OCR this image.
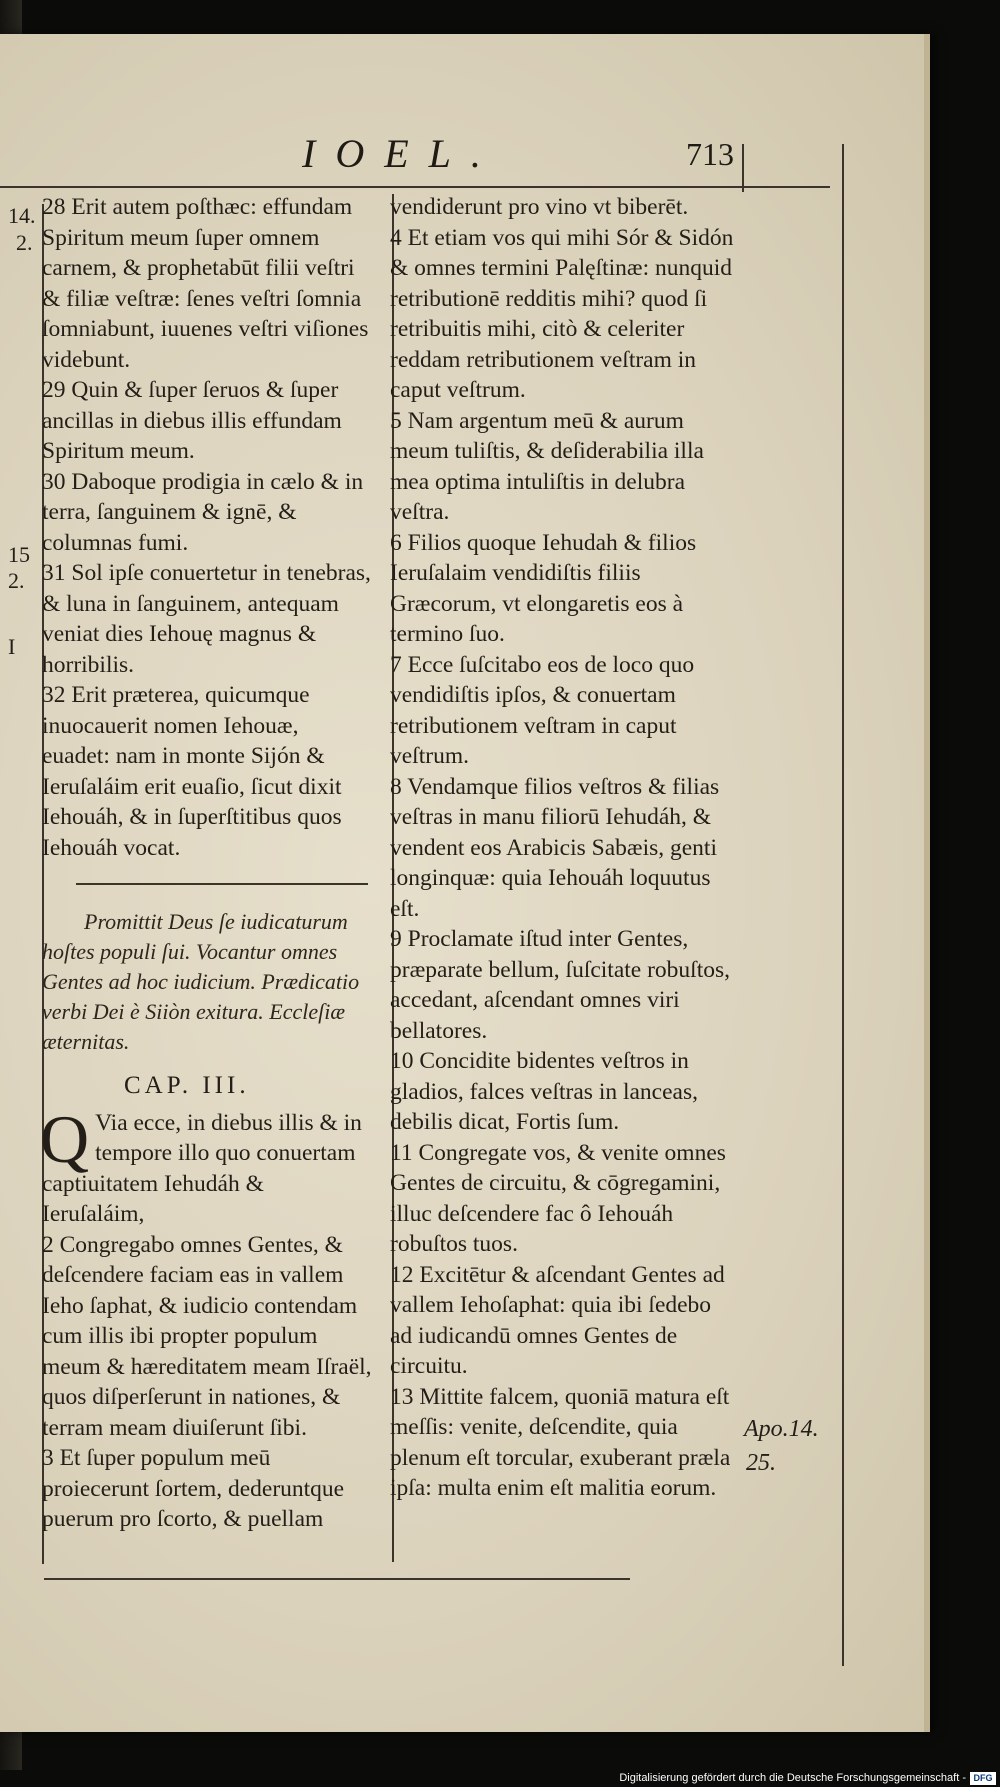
IOEL.	713
14.
2.
15
2.
I
Apo.14.
25.

28 Erit autem poſthæc: effundam Spiritum meum ſuper omnem carnem, & prophetabūt filii veſtri & filiæ veſtræ: ſenes veſtri ſomnia ſomniabunt, iuuenes veſtri viſiones videbunt.

29 Quin & ſuper ſeruos & ſuper ancillas in diebus illis effundam Spiritum meum.

30 Daboque prodigia in cælo & in terra, ſanguinem & ignē, & columnas fumi.

31 Sol ipſe conuertetur in tenebras, & luna in ſanguinem, antequam veniat dies Iehouę magnus & horribilis.

32 Erit præterea, quicumque inuocauerit nomen Iehouæ, euadet: nam in monte Sijón & Ieruſaláim erit euaſio, ſicut dixit Iehouáh, & in ſuperſtitibus quos Iehouáh vocat.

Promittit Deus ſe iudicaturum hoſtes populi ſui. Vocantur omnes Gentes ad hoc iudicium. Prædicatio verbi Dei è Siiòn exitura. Eccleſiæ æternitas.

CAP. III.

Q Via ecce, in diebus illis & in tempore illo quo conuertam captiuitatem Iehudáh & Ieruſaláim,

2 Congregabo omnes Gentes, & deſcendere faciam eas in vallem Ieho ſaphat, & iudicio contendam cum illis ibi propter populum meum & hæreditatem meam Iſraël, quos diſperſerunt in nationes, & terram meam diuiſerunt ſibi.

3 Et ſuper populum meū proiecerunt ſortem, dederuntque puerum pro ſcorto, & puellam

vendiderunt pro vino vt biberēt.

4 Et etiam vos qui mihi Sór & Sidón & omnes termini Palęſtinæ: nunquid retributionē redditis mihi? quod ſi retribuitis mihi, citò & celeriter reddam retributionem veſtram in caput veſtrum.

5 Nam argentum meū & aurum meum tuliſtis, & deſiderabilia illa mea optima intuliſtis in delubra veſtra.

6 Filios quoque Iehudah & filios Ieruſalaim vendidiſtis filiis Græcorum, vt elongaretis eos à termino ſuo.

7 Ecce ſuſcitabo eos de loco quo vendidiſtis ipſos, & conuertam retributionem veſtram in caput veſtrum.

8 Vendamque filios veſtros & filias veſtras in manu filiorū Iehudáh, & vendent eos Arabicis Sabæis, genti longinquæ: quia Iehouáh loquutus eſt.

9 Proclamate iſtud inter Gentes, præparate bellum, ſuſcitate robuſtos, accedant, aſcendant omnes viri bellatores.

10 Concidite bidentes veſtros in gladios, falces veſtras in lanceas, debilis dicat, Fortis ſum.

11 Congregate vos, & venite omnes Gentes de circuitu, & cōgregamini, illuc deſcendere fac ô Iehouáh robuſtos tuos.

12 Excitētur & aſcendant Gentes ad vallem Iehoſaphat: quia ibi ſedebo ad iudicandū omnes Gentes de circuitu.

13 Mittite falcem, quoniā matura eſt meſſis: venite, deſcendite, quia plenum eſt torcular, exuberant præla ipſa: multa enim eſt malitia eorum.

Digitalisierung gefördert durch die Deutsche Forschungsgemeinschaft - DFG
